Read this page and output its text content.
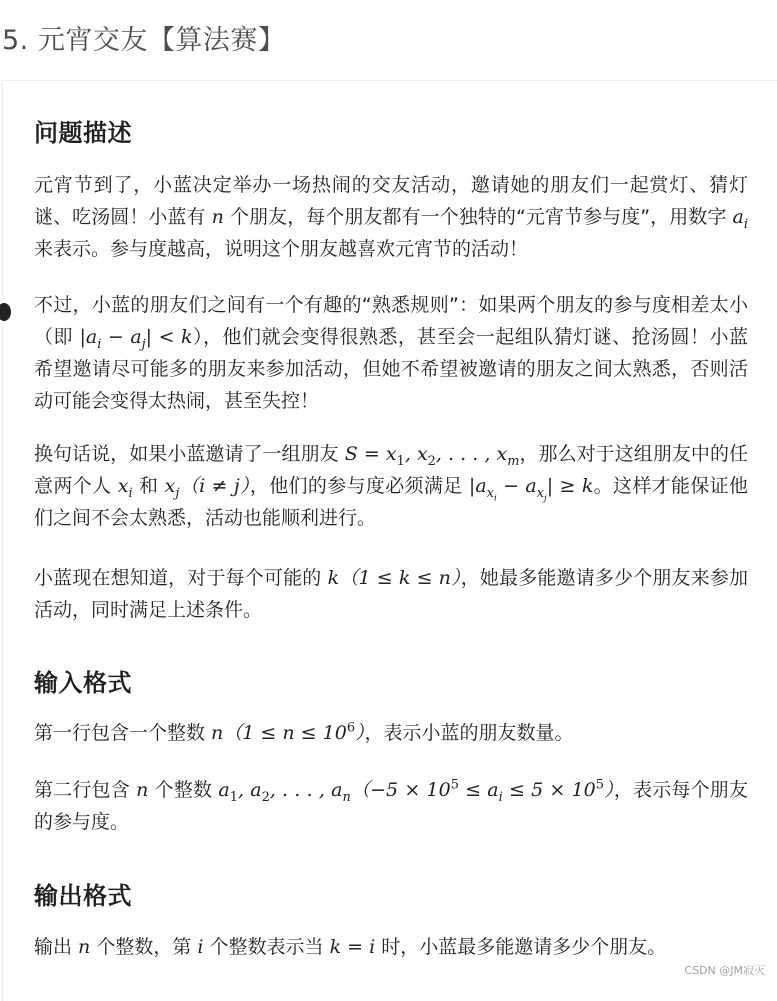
5. 元宵交友【算法赛】
问题描述

元宵节到了，小蓝决定举办一场热闹的交友活动，邀请她的朋友们一起赏灯、猜灯谜、吃汤圆！小蓝有 n 个朋友，每个朋友都有一个独特的“元宵节参与度”，用数字 $a_i$ 来表示。参与度越高，说明这个朋友越喜欢元宵节的活动！

不过，小蓝的朋友们之间有一个有趣的“熟悉规则”：如果两个朋友的参与度相差太小（即 $|a_i - a_j| < k$），他们就会变得很熟悉，甚至会一起组队猜灯谜、抢汤圆！小蓝希望邀请尽可能多的朋友来参加活动，但她不希望被邀请的朋友之间太熟悉，否则活动可能会变得太热闹，甚至失控！

换句话说，如果小蓝邀请了一组朋友 $S = x_1$, $x_2$, . . . , $x_m$，那么对于这组朋友中的任意两个人 $x_i$ 和 $x_j(i \ne j)$，他们的参与度必须满足 $|a_{x_i} - a_{x_j}| \ge k$。这样才能保证他们之间不会太熟悉，活动也能顺利进行。

小蓝现在想知道，对于每个可能的 k（1 ≤ k ≤ n），她最多能邀请多少个朋友来参加活动，同时满足上述条件。

输入格式

第一行包含一个整数 $n(1 \le n \le 10^6)$，表示小蓝的朋友数量。

第二行包含 n 个整数 $a_1$, $a_2$, . . . , $a_n(-5 \times 10^5 \le a_i \le 5 \times 10^5)$，表示每个朋友的参与度。

输出格式

输出 n 个整数，第 i 个整数表示当 k = i 时，小蓝最多能邀请多少个朋友。

CSDN @JM寂灭
